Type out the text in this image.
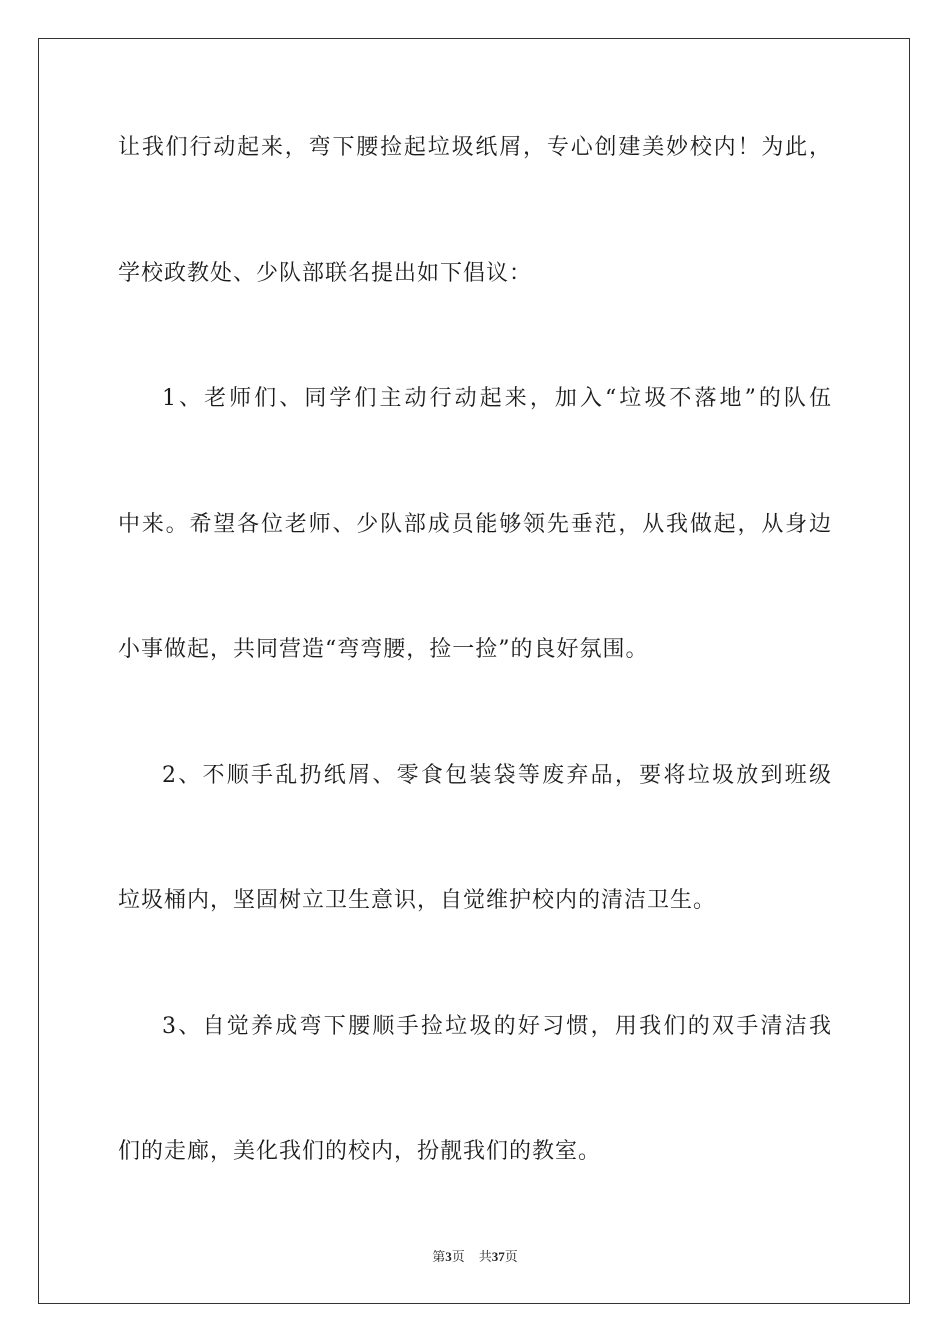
让我们行动起来，弯下腰捡起垃圾纸屑，专心创建美妙校内！为此，
学校政教处、少队部联名提出如下倡议：
1、老师们、同学们主动行动起来，加入“垃圾不落地”的队伍
中来。希望各位老师、少队部成员能够领先垂范，从我做起，从身边
小事做起，共同营造“弯弯腰，捡一捡”的良好氛围。
2、不顺手乱扔纸屑、零食包装袋等废弃品，要将垃圾放到班级
垃圾桶内，坚固树立卫生意识，自觉维护校内的清洁卫生。
3、自觉养成弯下腰顺手捡垃圾的好习惯，用我们的双手清洁我
们的走廊，美化我们的校内，扮靓我们的教室。
第3页 共37页
